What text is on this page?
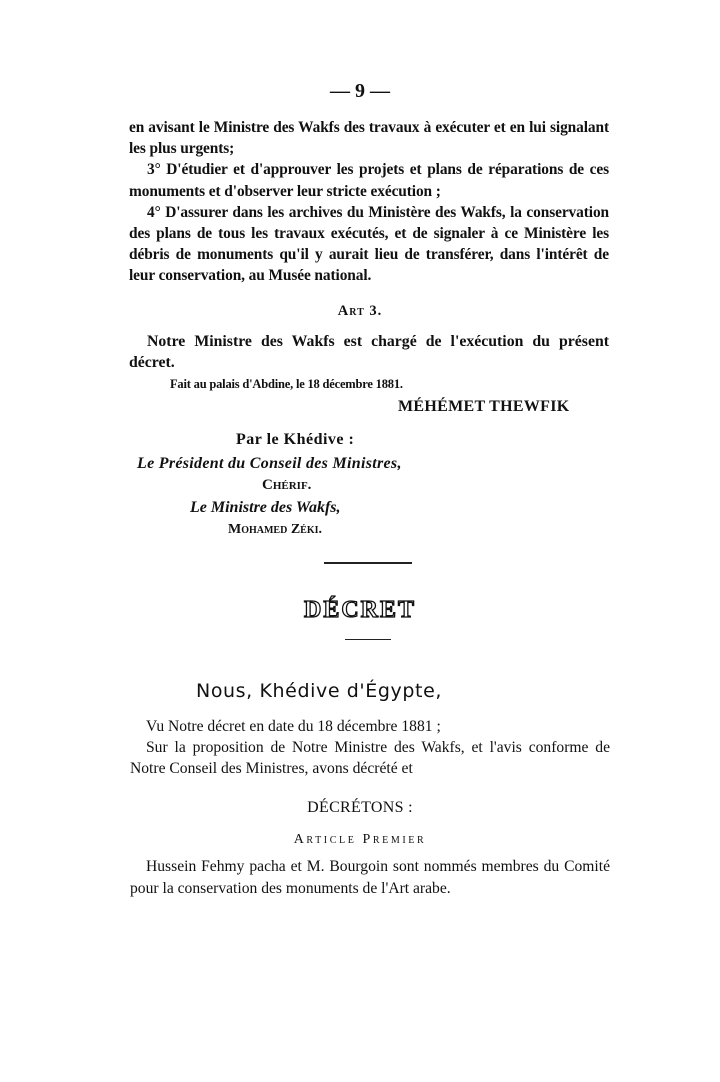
— 9 —

en avisant le Ministre des Wakfs des travaux à exécuter et en lui signalant les plus urgents;

3° D'étudier et d'approuver les projets et plans de réparations de ces monuments et d'observer leur stricte exécution ;

4° D'assurer dans les archives du Ministère des Wakfs, la conservation des plans de tous les travaux exécutés, et de signaler à ce Ministère les débris de monuments qu'il y aurait lieu de transférer, dans l'intérêt de leur conservation, au Musée national.

Art 3.
Notre Ministre des Wakfs est chargé de l'exécution du présent décret.
Fait au palais d'Abdine, le 18 décembre 1881.
MÉHÉMET THEWFIK
Par le Khédive :
Le Président du Conseil des Ministres,
Chérif.
Le Ministre des Wakfs,
Mohamed Zéki.
DÉCRET
Nous, Khédive d'Égypte,

Vu Notre décret en date du 18 décembre 1881 ;

Sur la proposition de Notre Ministre des Wakfs, et l'avis conforme de Notre Conseil des Ministres, avons décrété et

DÉCRÉTONS :
Article Premier
Hussein Fehmy pacha et M. Bourgoin sont nommés membres du Comité pour la conservation des monuments de l'Art arabe.
